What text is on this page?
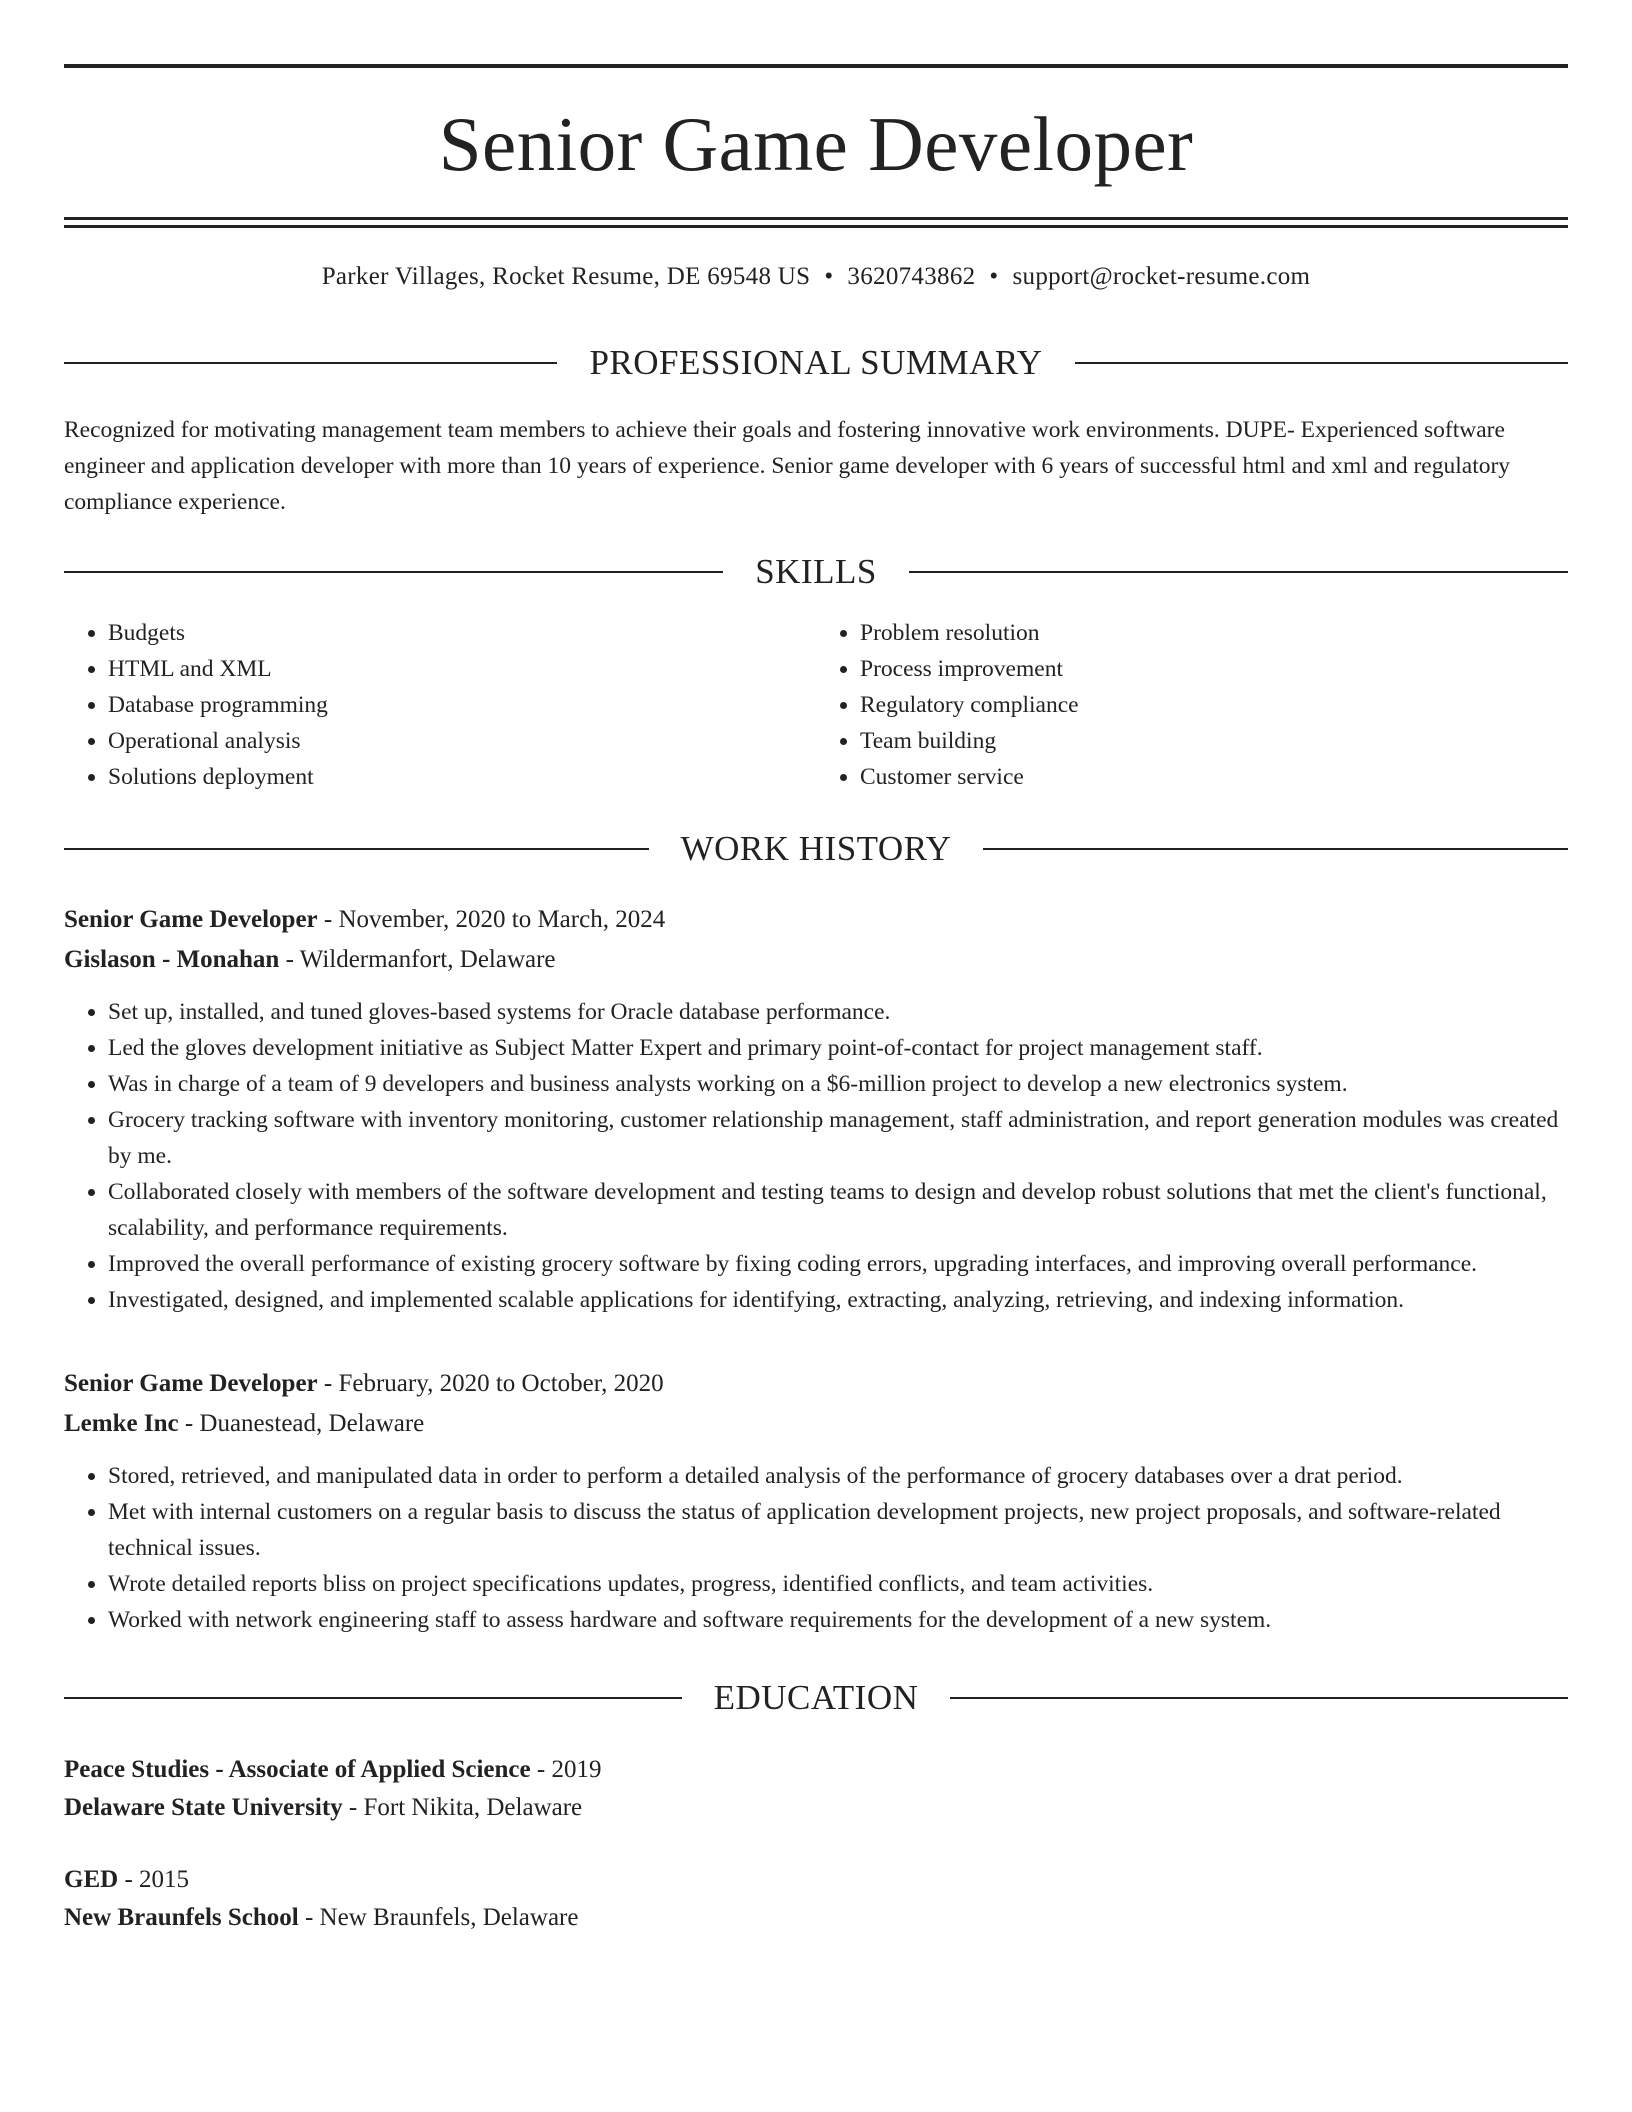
Senior Game Developer
Parker Villages, Rocket Resume, DE 69548 US • 3620743862 • support@rocket-resume.com
PROFESSIONAL SUMMARY
Recognized for motivating management team members to achieve their goals and fostering innovative work environments. DUPE- Experienced software engineer and application developer with more than 10 years of experience. Senior game developer with 6 years of successful html and xml and regulatory compliance experience.
SKILLS
• Budgets
• HTML and XML
• Database programming
• Operational analysis
• Solutions deployment
• Problem resolution
• Process improvement
• Regulatory compliance
• Team building
• Customer service
WORK HISTORY
Senior Game Developer - November, 2020 to March, 2024
Gislason - Monahan - Wildermanfort, Delaware
• Set up, installed, and tuned gloves-based systems for Oracle database performance.
• Led the gloves development initiative as Subject Matter Expert and primary point-of-contact for project management staff.
• Was in charge of a team of 9 developers and business analysts working on a $6-million project to develop a new electronics system.
• Grocery tracking software with inventory monitoring, customer relationship management, staff administration, and report generation modules was created by me.
• Collaborated closely with members of the software development and testing teams to design and develop robust solutions that met the client's functional, scalability, and performance requirements.
• Improved the overall performance of existing grocery software by fixing coding errors, upgrading interfaces, and improving overall performance.
• Investigated, designed, and implemented scalable applications for identifying, extracting, analyzing, retrieving, and indexing information.
Senior Game Developer - February, 2020 to October, 2020
Lemke Inc - Duanestead, Delaware
• Stored, retrieved, and manipulated data in order to perform a detailed analysis of the performance of grocery databases over a drat period.
• Met with internal customers on a regular basis to discuss the status of application development projects, new project proposals, and software-related technical issues.
• Wrote detailed reports bliss on project specifications updates, progress, identified conflicts, and team activities.
• Worked with network engineering staff to assess hardware and software requirements for the development of a new system.
EDUCATION
Peace Studies - Associate of Applied Science - 2019
Delaware State University - Fort Nikita, Delaware
GED - 2015
New Braunfels School - New Braunfels, Delaware
